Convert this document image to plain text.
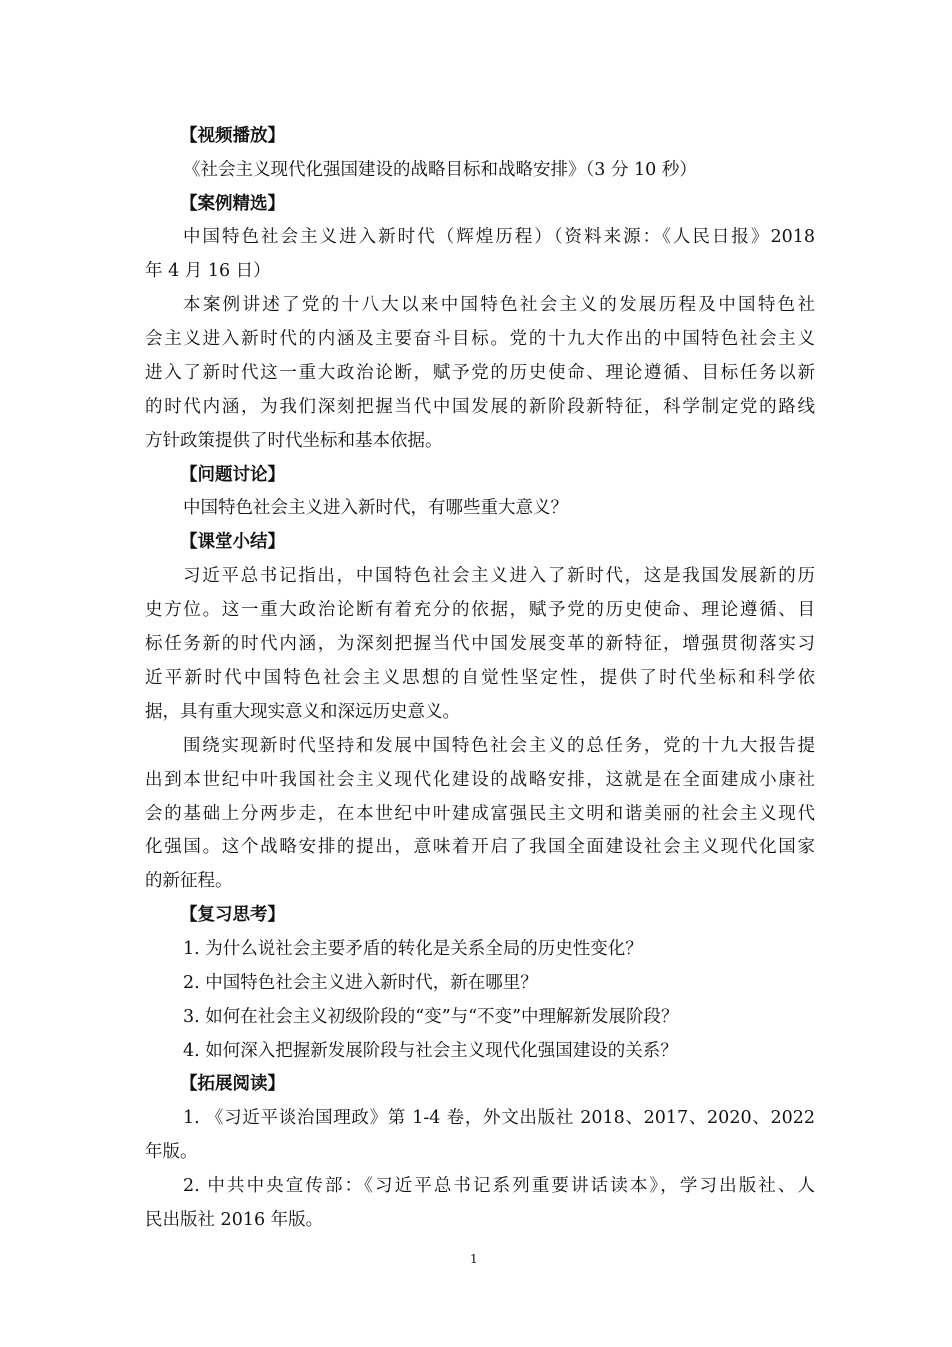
【视频播放】
《社会主义现代化强国建设的战略目标和战略安排》（3 分 10 秒）
【案例精选】
中国特色社会主义进入新时代（辉煌历程）（资料来源：《人民日报》2018
年 4 月 16 日）
本案例讲述了党的十八大以来中国特色社会主义的发展历程及中国特色社
会主义进入新时代的内涵及主要奋斗目标。党的十九大作出的中国特色社会主义
进入了新时代这一重大政治论断，赋予党的历史使命、理论遵循、目标任务以新
的时代内涵，为我们深刻把握当代中国发展的新阶段新特征，科学制定党的路线
方针政策提供了时代坐标和基本依据。
【问题讨论】
中国特色社会主义进入新时代，有哪些重大意义？
【课堂小结】
习近平总书记指出，中国特色社会主义进入了新时代，这是我国发展新的历
史方位。这一重大政治论断有着充分的依据，赋予党的历史使命、理论遵循、目
标任务新的时代内涵，为深刻把握当代中国发展变革的新特征，增强贯彻落实习
近平新时代中国特色社会主义思想的自觉性坚定性，提供了时代坐标和科学依
据，具有重大现实意义和深远历史意义。
围绕实现新时代坚持和发展中国特色社会主义的总任务，党的十九大报告提
出到本世纪中叶我国社会主义现代化建设的战略安排，这就是在全面建成小康社
会的基础上分两步走，在本世纪中叶建成富强民主文明和谐美丽的社会主义现代
化强国。这个战略安排的提出，意味着开启了我国全面建设社会主义现代化国家
的新征程。
【复习思考】
1. 为什么说社会主要矛盾的转化是关系全局的历史性变化？
2. 中国特色社会主义进入新时代，新在哪里？
3. 如何在社会主义初级阶段的“变”与“不变”中理解新发展阶段？
4. 如何深入把握新发展阶段与社会主义现代化强国建设的关系？
【拓展阅读】
1. 《习近平谈治国理政》第 1-4 卷，外文出版社 2018、2017、2020、2022
年版。
2. 中共中央宣传部：《习近平总书记系列重要讲话读本》，学习出版社、人
民出版社 2016 年版。
1
